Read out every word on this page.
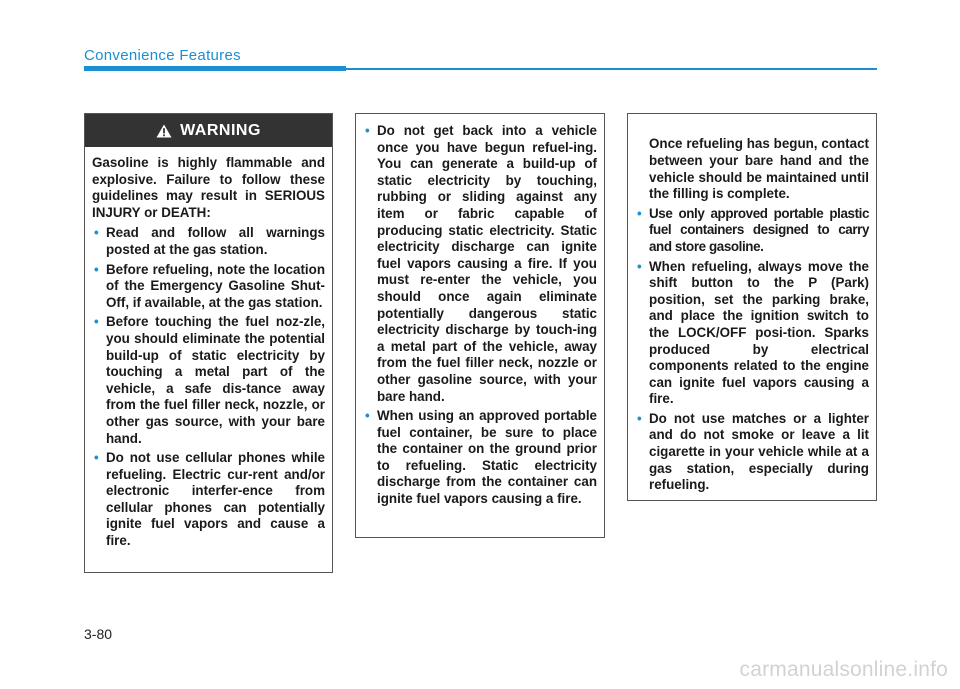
Convenience Features
WARNING

Gasoline is highly flammable and explosive. Failure to follow these guidelines may result in SERIOUS INJURY or DEATH:

• Read and follow all warnings posted at the gas station.
• Before refueling, note the location of the Emergency Gasoline Shut-Off, if available, at the gas station.
• Before touching the fuel noz-zle, you should eliminate the potential build-up of static electricity by touching a metal part of the vehicle, a safe dis-tance away from the fuel filler neck, nozzle, or other gas source, with your bare hand.
• Do not use cellular phones while refueling. Electric cur-rent and/or electronic interfer-ence from cellular phones can potentially ignite fuel vapors and cause a fire.
• Do not get back into a vehicle once you have begun refuel-ing. You can generate a build-up of static electricity by touching, rubbing or sliding against any item or fabric capable of producing static electricity. Static electricity discharge can ignite fuel vapors causing a fire. If you must re-enter the vehicle, you should once again eliminate potentially dangerous static electricity discharge by touch-ing a metal part of the vehicle, away from the fuel filler neck, nozzle or other gasoline source, with your bare hand.
• When using an approved portable fuel container, be sure to place the container on the ground prior to refueling. Static electricity discharge from the container can ignite fuel vapors causing a fire.

Once refueling has begun, contact between your bare hand and the vehicle should be maintained until the filling is complete.

• Use only approved portable plastic fuel containers designed to carry and store gasoline.
• When refueling, always move the shift button to the P (Park) position, set the parking brake, and place the ignition switch to the LOCK/OFF posi-tion. Sparks produced by electrical components related to the engine can ignite fuel vapors causing a fire.
• Do not use matches or a lighter and do not smoke or leave a lit cigarette in your vehicle while at a gas station, especially during refueling.
3-80
carmanualsonline.info
